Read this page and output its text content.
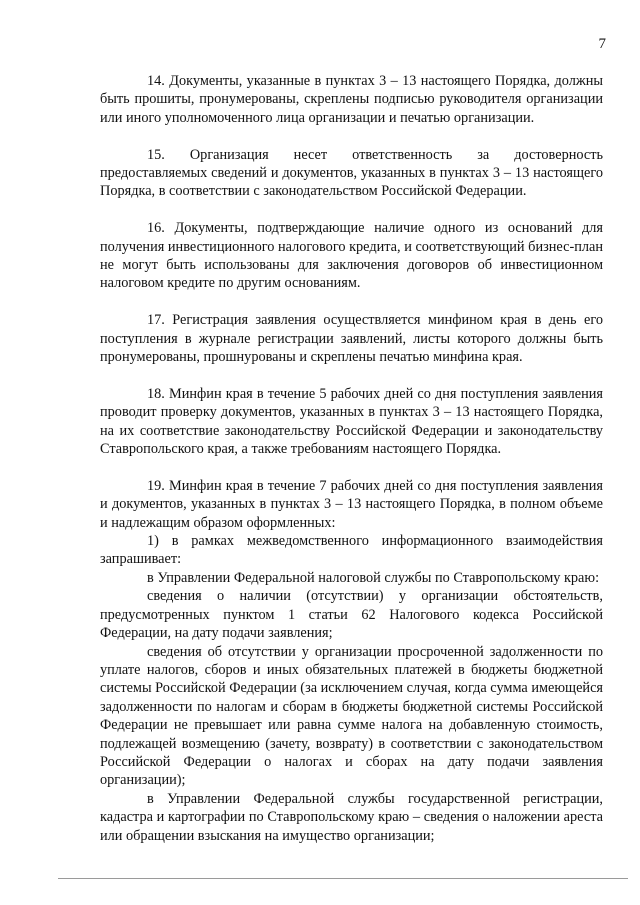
7

14. Документы, указанные в пунктах 3 – 13 настоящего Порядка, должны быть прошиты, пронумерованы, скреплены подписью руководителя организации или иного уполномоченного лица организации и печатью организации.

15. Организация несет ответственность за достоверность предоставляемых сведений и документов, указанных в пунктах 3 – 13 настоящего Порядка, в соответствии с законодательством Российской Федерации.

16. Документы, подтверждающие наличие одного из оснований для получения инвестиционного налогового кредита, и соответствующий бизнес-план не могут быть использованы для заключения договоров об инвестиционном налоговом кредите по другим основаниям.

17. Регистрация заявления осуществляется минфином края в день его поступления в журнале регистрации заявлений, листы которого должны быть пронумерованы, прошнурованы и скреплены печатью минфина края.

18. Минфин края в течение 5 рабочих дней со дня поступления заявления проводит проверку документов, указанных в пунктах 3 – 13 настоящего Порядка, на их соответствие законодательству Российской Федерации и законодательству Ставропольского края, а также требованиям настоящего Порядка.

19. Минфин края в течение 7 рабочих дней со дня поступления заявления и документов, указанных в пунктах 3 – 13 настоящего Порядка, в полном объеме и надлежащим образом оформленных:

1) в рамках межведомственного информационного взаимодействия запрашивает:

в Управлении Федеральной налоговой службы по Ставропольскому краю:

сведения о наличии (отсутствии) у организации обстоятельств, предусмотренных пунктом 1 статьи 62 Налогового кодекса Российской Федерации, на дату подачи заявления;

сведения об отсутствии у организации просроченной задолженности по уплате налогов, сборов и иных обязательных платежей в бюджеты бюджетной системы Российской Федерации (за исключением случая, когда сумма имеющейся задолженности по налогам и сборам в бюджеты бюджетной системы Российской Федерации не превышает или равна сумме налога на добавленную стоимость, подлежащей возмещению (зачету, возврату) в соответствии с законодательством Российской Федерации о налогах и сборах на дату подачи заявления организации);

в Управлении Федеральной службы государственной регистрации, кадастра и картографии по Ставропольскому краю – сведения о наложении ареста или обращении взыскания на имущество организации;
